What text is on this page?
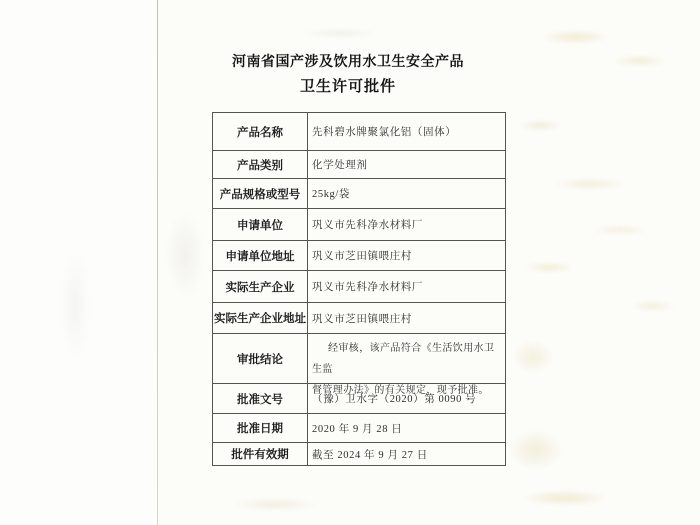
河南省国产涉及饮用水卫生安全产品
卫生许可批件
产品名称	先科碧水牌聚氯化铝（固体）
产品类别	化学处理剂
产品规格或型号	25kg/袋
申请单位	巩义市先科净水材料厂
申请单位地址	巩义市芝田镇喂庄村
实际生产企业	巩义市先科净水材料厂
实际生产企业地址 巩义市芝田镇喂庄村
审批结论
经审核，该产品符合《生活饮用水卫生监
督管理办法》的有关规定，现予批准。
批准文号	（豫）卫水字（2020）第 0090 号
批准日期	2020 年 9 月 28 日
批件有效期	截至 2024 年 9 月 27 日
